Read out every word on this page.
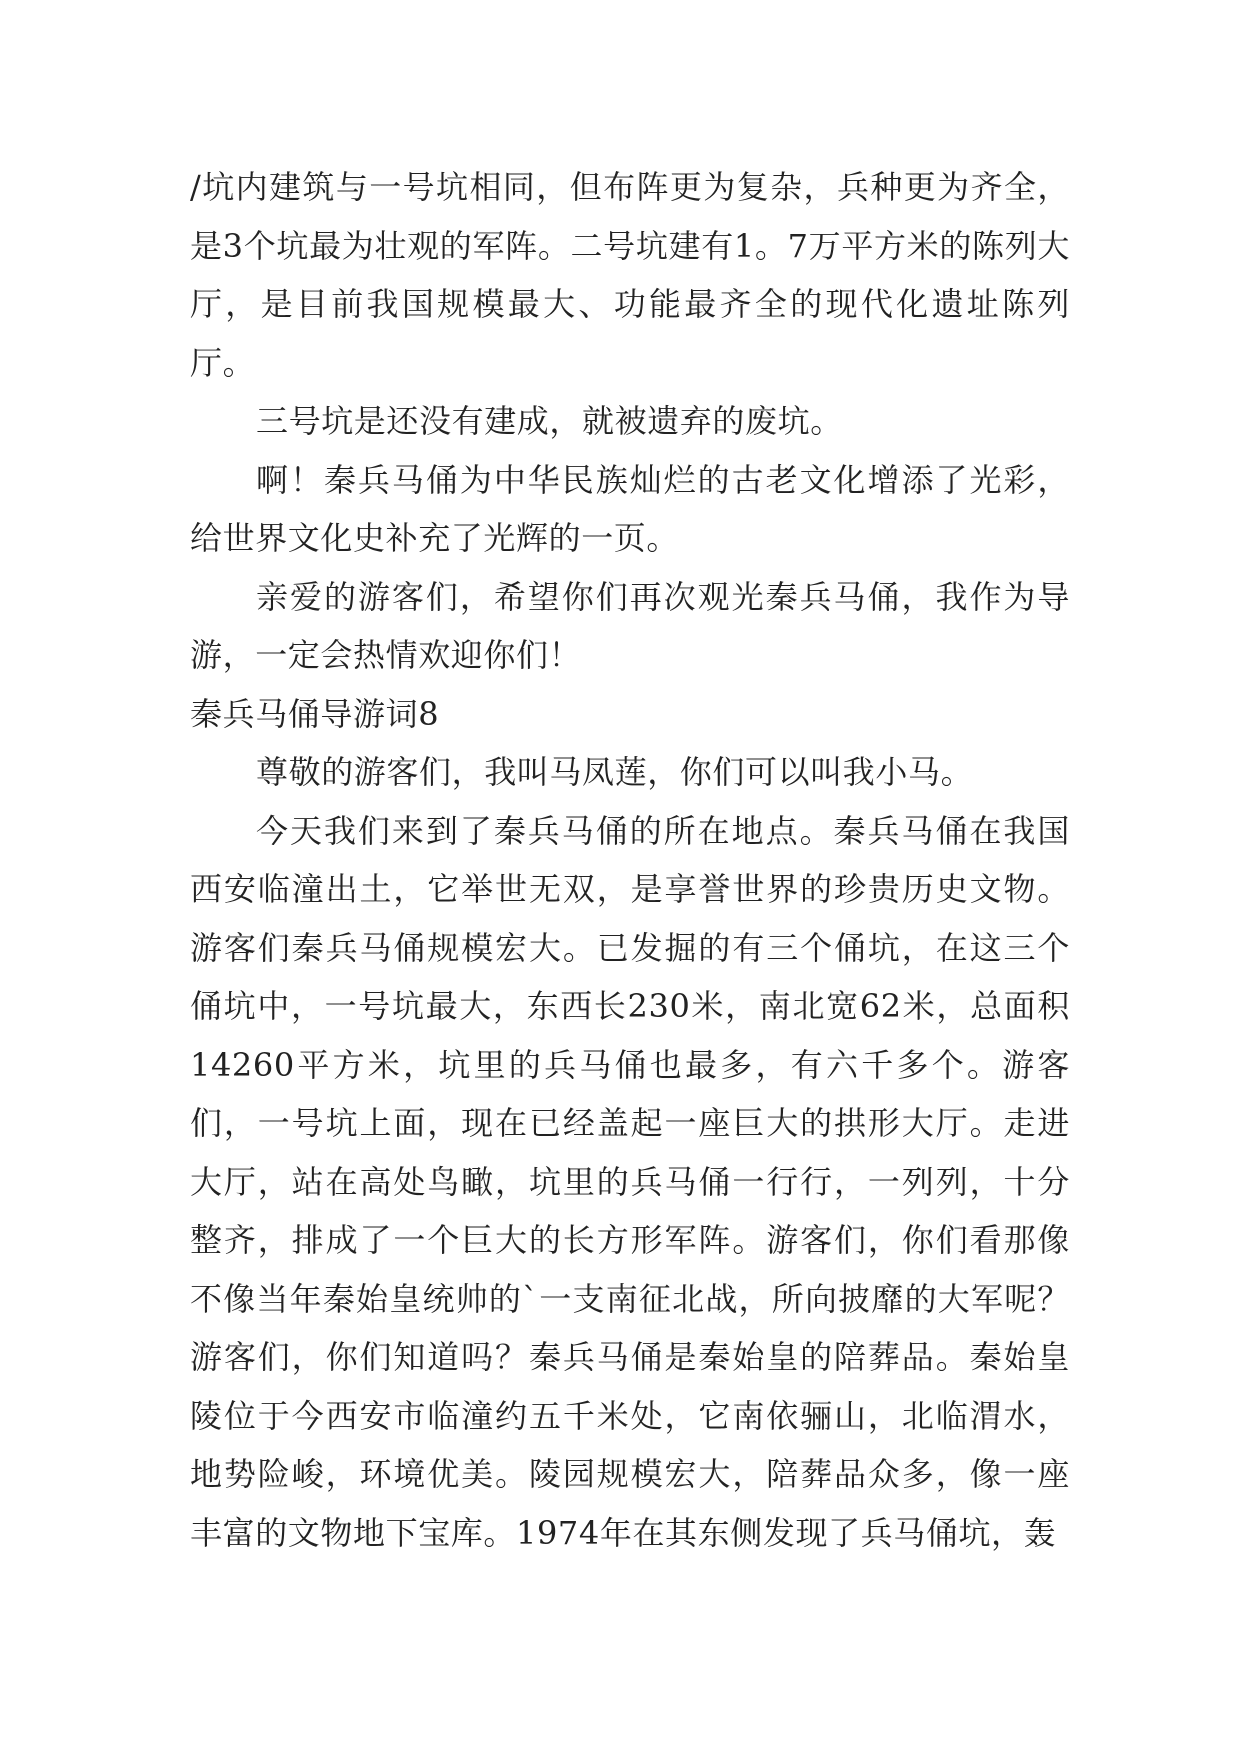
/坑内建筑与一号坑相同，但布阵更为复杂，兵种更为齐全，是3个坑最为壮观的军阵。二号坑建有1。7万平方米的陈列大厅，是目前我国规模最大、功能最齐全的现代化遗址陈列厅。

三号坑是还没有建成，就被遗弃的废坑。

啊！秦兵马俑为中华民族灿烂的古老文化增添了光彩，给世界文化史补充了光辉的一页。

亲爱的游客们，希望你们再次观光秦兵马俑，我作为导游，一定会热情欢迎你们！

秦兵马俑导游词8

尊敬的游客们，我叫马凤莲，你们可以叫我小马。

今天我们来到了秦兵马俑的所在地点。秦兵马俑在我国西安临潼出土，它举世无双，是享誉世界的珍贵历史文物。游客们秦兵马俑规模宏大。已发掘的有三个俑坑，在这三个俑坑中，一号坑最大，东西长230米，南北宽62米，总面积14260平方米，坑里的兵马俑也最多，有六千多个。游客们，一号坑上面，现在已经盖起一座巨大的拱形大厅。走进大厅，站在高处鸟瞰，坑里的兵马俑一行行，一列列，十分整齐，排成了一个巨大的长方形军阵。游客们，你们看那像不像当年秦始皇统帅的`一支南征北战，所向披靡的大军呢？游客们，你们知道吗？秦兵马俑是秦始皇的陪葬品。秦始皇陵位于今西安市临潼约五千米处，它南依骊山，北临渭水，地势险峻，环境优美。陵园规模宏大，陪葬品众多，像一座丰富的文物地下宝库。1974年在其东侧发现了兵马俑坑，轰
